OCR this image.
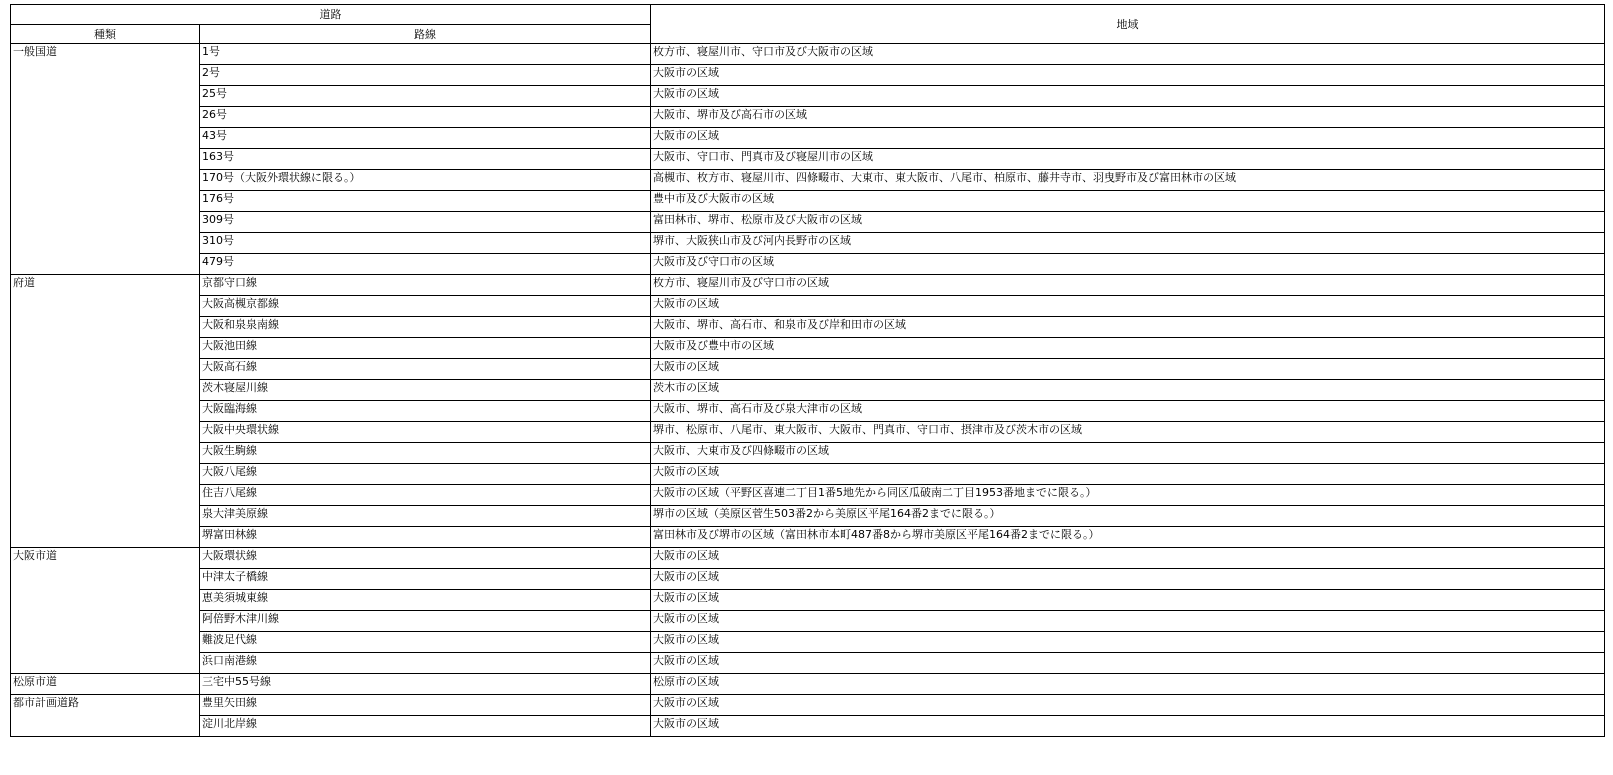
道路		地域
種類	路線	
一般国道	1号	枚方市、寝屋川市、守口市及び大阪市の区域
	2号	大阪市の区域
	25号	大阪市の区域
	26号	大阪市、堺市及び高石市の区域
	43号	大阪市の区域
	163号	大阪市、守口市、門真市及び寝屋川市の区域
	170号（大阪外環状線に限る。）	高槻市、枚方市、寝屋川市、四條畷市、大東市、東大阪市、八尾市、柏原市、藤井寺市、羽曳野市及び富田林市の区域
	176号	豊中市及び大阪市の区域
	309号	富田林市、堺市、松原市及び大阪市の区域
	310号	堺市、大阪狭山市及び河内長野市の区域
	479号	大阪市及び守口市の区域
府道	京都守口線	枚方市、寝屋川市及び守口市の区域
	大阪高槻京都線	大阪市の区域
	大阪和泉泉南線	大阪市、堺市、高石市、和泉市及び岸和田市の区域
	大阪池田線	大阪市及び豊中市の区域
	大阪高石線	大阪市の区域
	茨木寝屋川線	茨木市の区域
	大阪臨海線	大阪市、堺市、高石市及び泉大津市の区域
	大阪中央環状線	堺市、松原市、八尾市、東大阪市、大阪市、門真市、守口市、摂津市及び茨木市の区域
	大阪生駒線	大阪市、大東市及び四條畷市の区域
	大阪八尾線	大阪市の区域
	住吉八尾線	大阪市の区域（平野区喜連二丁目1番5地先から同区瓜破南二丁目1953番地までに限る。）
	泉大津美原線	堺市の区域（美原区菅生503番2から美原区平尾164番2までに限る。）
	堺富田林線	富田林市及び堺市の区域（富田林市本町487番8から堺市美原区平尾164番2までに限る。）
大阪市道	大阪環状線	大阪市の区域
	中津太子橋線	大阪市の区域
	恵美須城東線	大阪市の区域
	阿倍野木津川線	大阪市の区域
	難波足代線	大阪市の区域
	浜口南港線	大阪市の区域
松原市道	三宅中55号線	松原市の区域
都市計画道路	豊里矢田線	大阪市の区域
	淀川北岸線	大阪市の区域
